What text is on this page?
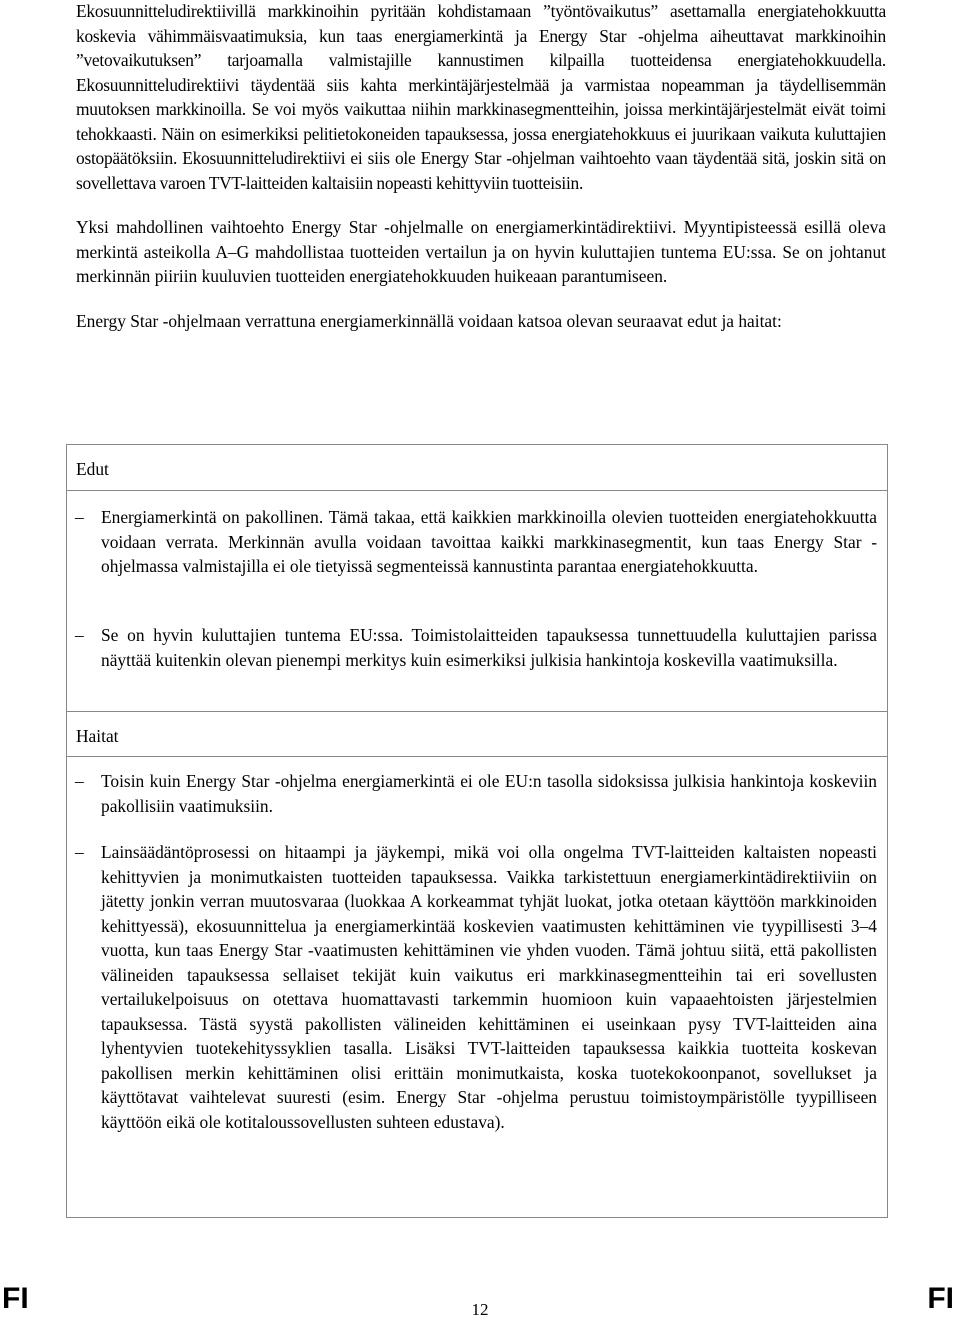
Ekosuunnitteludirektiivillä markkinoihin pyritään kohdistamaan ”työntövaikutus” asettamalla energiatehokkuutta koskevia vähimmäisvaatimuksia, kun taas energiamerkintä ja Energy Star -ohjelma aiheuttavat markkinoihin ”vetovaikutuksen” tarjoamalla valmistajille kannustimen kilpailla tuotteidensa energiatehokkuudella. Ekosuunnitteludirektiivi täydentää siis kahta merkintäjärjestelmää ja varmistaa nopeamman ja täydellisemmän muutoksen markkinoilla. Se voi myös vaikuttaa niihin markkinasegmentteihin, joissa merkintäjärjestelmät eivät toimi tehokkaasti. Näin on esimerkiksi pelitietokoneiden tapauksessa, jossa energiatehokkuus ei juurikaan vaikuta kuluttajien ostopäätöksiin. Ekosuunnitteludirektiivi ei siis ole Energy Star -ohjelman vaihtoehto vaan täydentää sitä, joskin sitä on sovellettava varoen TVT-laitteiden kaltaisiin nopeasti kehittyviin tuotteisiin.

Yksi mahdollinen vaihtoehto Energy Star -ohjelmalle on energiamerkintädirektiivi. Myyntipisteessä esillä oleva merkintä asteikolla A–G mahdollistaa tuotteiden vertailun ja on hyvin kuluttajien tuntema EU:ssa. Se on johtanut merkinnän piiriin kuuluvien tuotteiden energiatehokkuuden huikeaan parantumiseen.

Energy Star -ohjelmaan verrattuna energiamerkinnällä voidaan katsoa olevan seuraavat edut ja haitat:

Edut
– Energiamerkintä on pakollinen. Tämä takaa, että kaikkien markkinoilla olevien tuotteiden energiatehokkuutta voidaan verrata. Merkinnän avulla voidaan tavoittaa kaikki markkinasegmentit, kun taas Energy Star -ohjelmassa valmistajilla ei ole tietyissä segmenteissä kannustinta parantaa energiatehokkuutta.

– Se on hyvin kuluttajien tuntema EU:ssa. Toimistolaitteiden tapauksessa tunnettuudella kuluttajien parissa näyttää kuitenkin olevan pienempi merkitys kuin esimerkiksi julkisia hankintoja koskevilla vaatimuksilla.

Haitat
– Toisin kuin Energy Star -ohjelma energiamerkintä ei ole EU:n tasolla sidoksissa julkisia hankintoja koskeviin pakollisiin vaatimuksiin.

– Lainsäädäntöprosessi on hitaampi ja jäykempi, mikä voi olla ongelma TVT-laitteiden kaltaisten nopeasti kehittyvien ja monimutkaisten tuotteiden tapauksessa. Vaikka tarkistettuun energiamerkintädirektiiviin on jätetty jonkin verran muutosvaraa (luokkaa A korkeammat tyhjät luokat, jotka otetaan käyttöön markkinoiden kehittyessä), ekosuunnittelua ja energiamerkintää koskevien vaatimusten kehittäminen vie tyypillisesti 3–4 vuotta, kun taas Energy Star -vaatimusten kehittäminen vie yhden vuoden. Tämä johtuu siitä, että pakollisten välineiden tapauksessa sellaiset tekijät kuin vaikutus eri markkinasegmentteihin tai eri sovellusten vertailukelpoisuus on otettava huomattavasti tarkemmin huomioon kuin vapaaehtoisten järjestelmien tapauksessa. Tästä syystä pakollisten välineiden kehittäminen ei useinkaan pysy TVT-laitteiden aina lyhentyvien tuotekehityssyklien tasalla. Lisäksi TVT-laitteiden tapauksessa kaikkia tuotteita koskevan pakollisen merkin kehittäminen olisi erittäin monimutkaista, koska tuotekokoonpanot, sovellukset ja käyttötavat vaihtelevat suuresti (esim. Energy Star -ohjelma perustuu toimistoympäristölle tyypilliseen käyttöön eikä ole kotitaloussovellusten suhteen edustava).

FI	12	FI
